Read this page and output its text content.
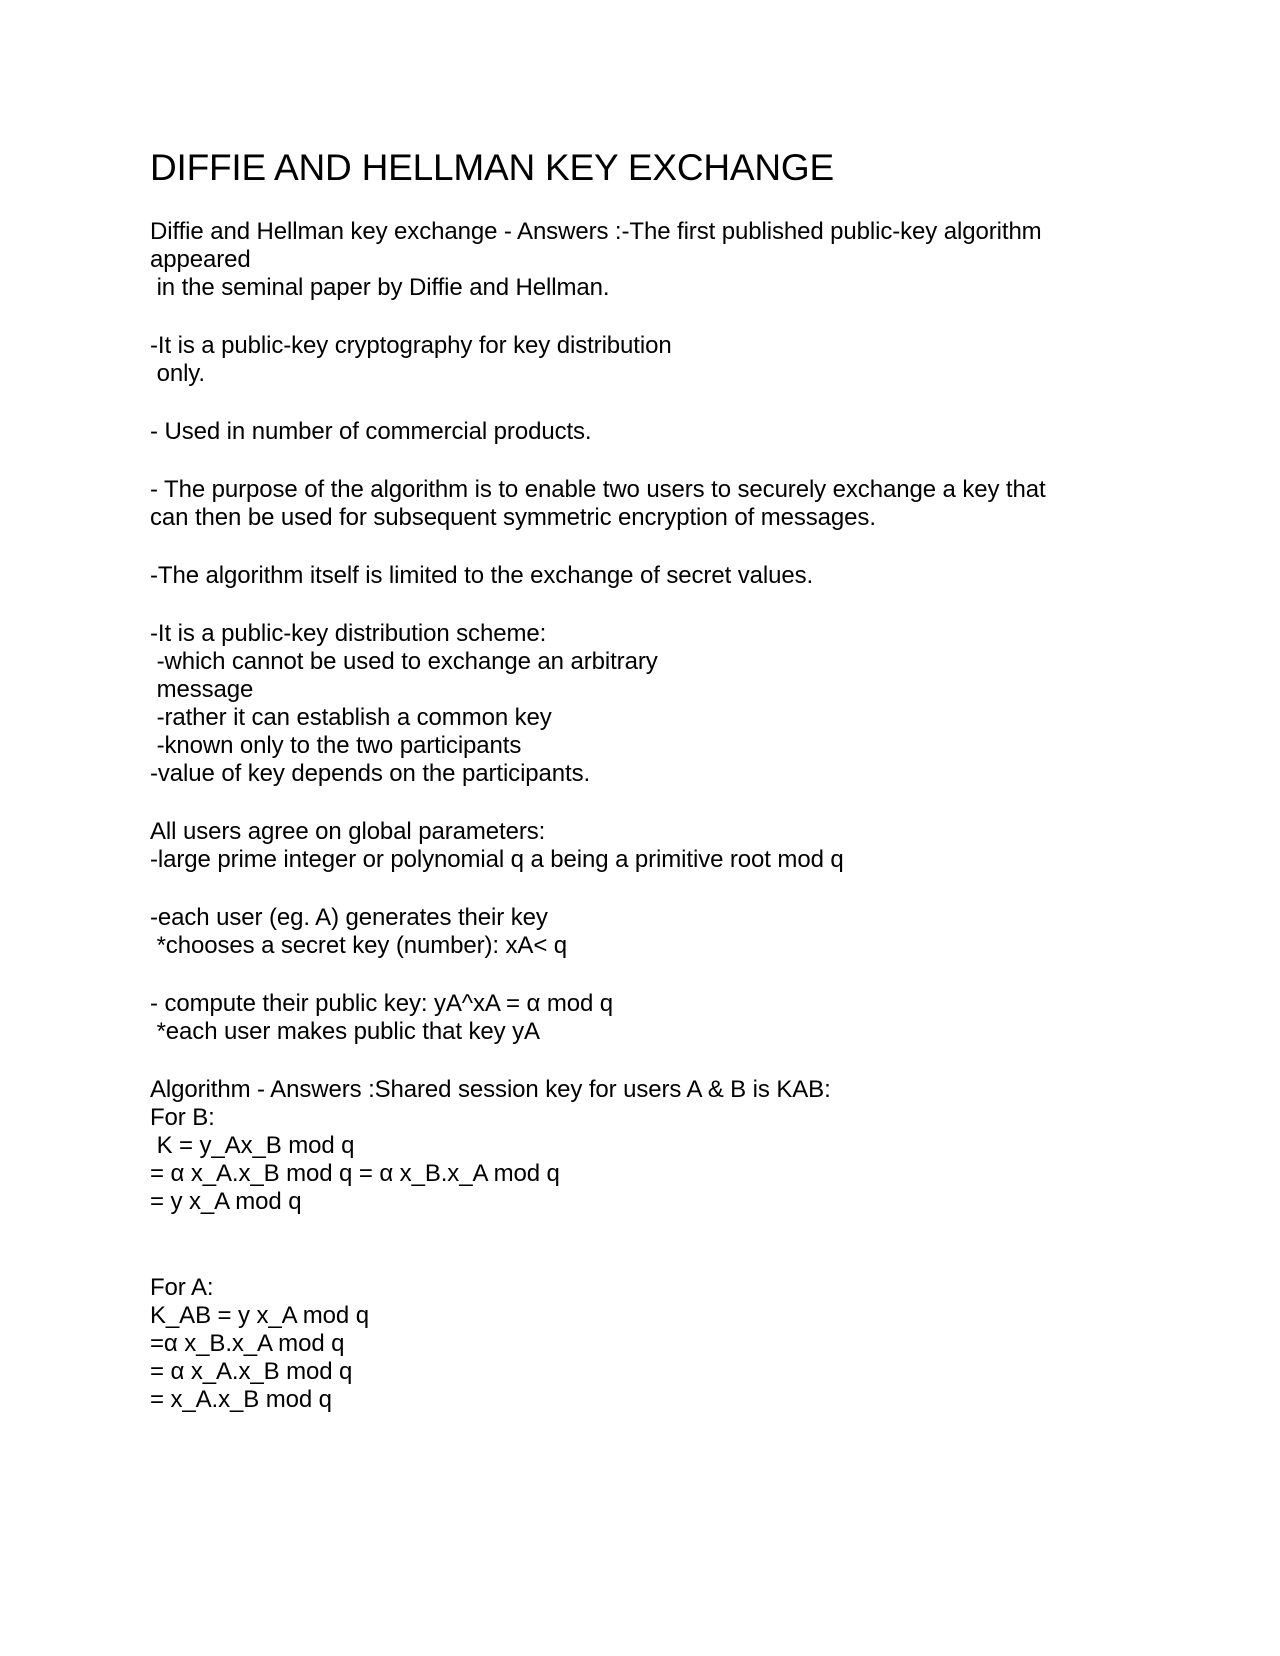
DIFFIE AND HELLMAN KEY EXCHANGE

Diffie and Hellman key exchange - Answers :-The first published public-key algorithm

appeared

in the seminal paper by Diffie and Hellman.

-It is a public-key cryptography for key distribution

only.

- Used in number of commercial products.

- The purpose of the algorithm is to enable two users to securely exchange a key that

can then be used for subsequent symmetric encryption of messages.

-The algorithm itself is limited to the exchange of secret values.

-It is a public-key distribution scheme:

-which cannot be used to exchange an arbitrary

message

-rather it can establish a common key

-known only to the two participants

-value of key depends on the participants.

All users agree on global parameters:

-large prime integer or polynomial q a being a primitive root mod q

-each user (eg. A) generates their key

*chooses a secret key (number): xA< q

- compute their public key: yA^xA = α mod q

*each user makes public that key yA

Algorithm - Answers :Shared session key for users A & B is KAB:

For B:

K = y_Ax_B mod q

= α x_A.x_B mod q = α x_B.x_A mod q

= y x_A mod q

For A:

K_AB = y x_A mod q

=α x_B.x_A mod q

= α x_A.x_B mod q

= x_A.x_B mod q
